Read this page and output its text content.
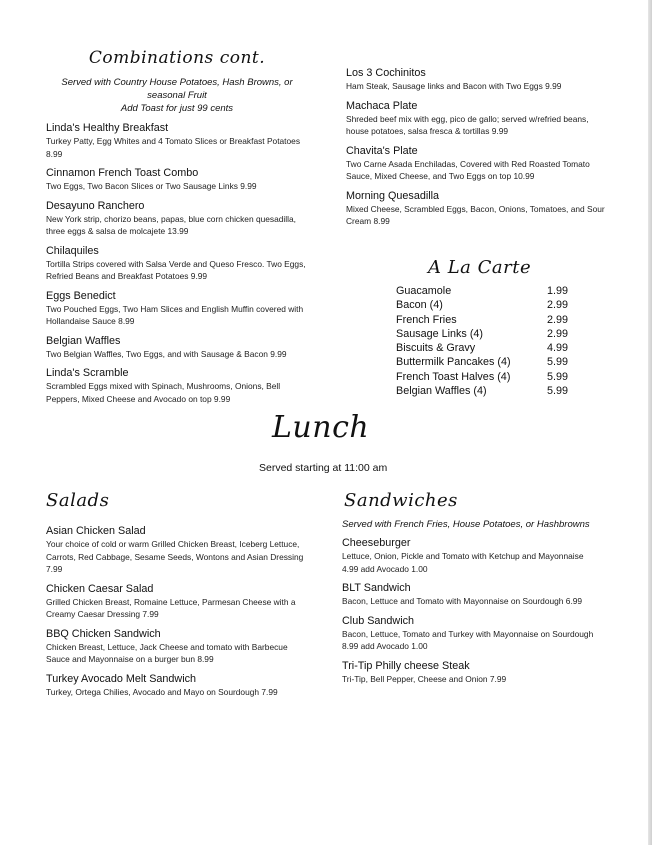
Combinations cont.
Served with Country House Potatoes, Hash Browns, or seasonal Fruit
Add Toast for just 99 cents
Linda's Healthy Breakfast
Turkey Patty, Egg Whites and 4 Tomato Slices or Breakfast Potatoes 8.99
Cinnamon French Toast Combo
Two Eggs, Two Bacon Slices or Two Sausage Links 9.99
Desayuno Ranchero
New York strip, chorizo beans, papas, blue corn chicken quesadilla, three eggs & salsa de molcajete 13.99
Chilaquiles
Tortilla Strips covered with Salsa Verde and Queso Fresco. Two Eggs, Refried Beans and Breakfast Potatoes 9.99
Eggs Benedict
Two Pouched Eggs, Two Ham Slices and English Muffin covered with Hollandaise Sauce 8.99
Belgian Waffles
Two Belgian Waffles, Two Eggs, and with Sausage & Bacon 9.99
Linda's Scramble
Scrambled Eggs mixed with Spinach, Mushrooms, Onions, Bell Peppers, Mixed Cheese and Avocado on top 9.99
Los 3 Cochinitos
Ham Steak, Sausage links and Bacon with Two Eggs 9.99
Machaca Plate
Shreded beef mix with egg, pico de gallo; served w/refried beans, house potatoes, salsa fresca & tortillas 9.99
Chavita's Plate
Two Carne Asada Enchiladas, Covered with Red Roasted Tomato Sauce, Mixed Cheese, and Two Eggs on top 10.99
Morning Quesadilla
Mixed Cheese, Scrambled Eggs, Bacon, Onions, Tomatoes, and Sour Cream 8.99
A La Carte
Guacamole	1.99
Bacon (4)	2.99
French Fries	2.99
Sausage Links (4)	2.99
Biscuits & Gravy	4.99
Buttermilk Pancakes (4)	5.99
French Toast Halves (4)	5.99
Belgian Waffles (4)	5.99
Lunch
Served starting at 11:00 am
Salads
Asian Chicken Salad
Your choice of cold or warm Grilled Chicken Breast, Iceberg Lettuce, Carrots, Red Cabbage, Sesame Seeds, Wontons and Asian Dressing 7.99
Chicken Caesar Salad
Grilled Chicken Breast, Romaine Lettuce, Parmesan Cheese with a Creamy Caesar Dressing 7.99
BBQ Chicken Sandwich
Chicken Breast, Lettuce, Jack Cheese and tomato with Barbecue Sauce and Mayonnaise on a burger bun 8.99
Turkey Avocado Melt Sandwich
Turkey, Ortega Chilies, Avocado and Mayo on Sourdough 7.99
Sandwiches
Served with French Fries, House Potatoes, or Hashbrowns
Cheeseburger
Lettuce, Onion, Pickle and Tomato with Ketchup and Mayonnaise 4.99 add Avocado 1.00
BLT Sandwich
Bacon, Lettuce and Tomato with Mayonnaise on Sourdough 6.99
Club Sandwich
Bacon, Lettuce, Tomato and Turkey with Mayonnaise on Sourdough 8.99 add Avocado 1.00
Tri-Tip Philly cheese Steak
Tri-Tip, Bell Pepper, Cheese and Onion 7.99
